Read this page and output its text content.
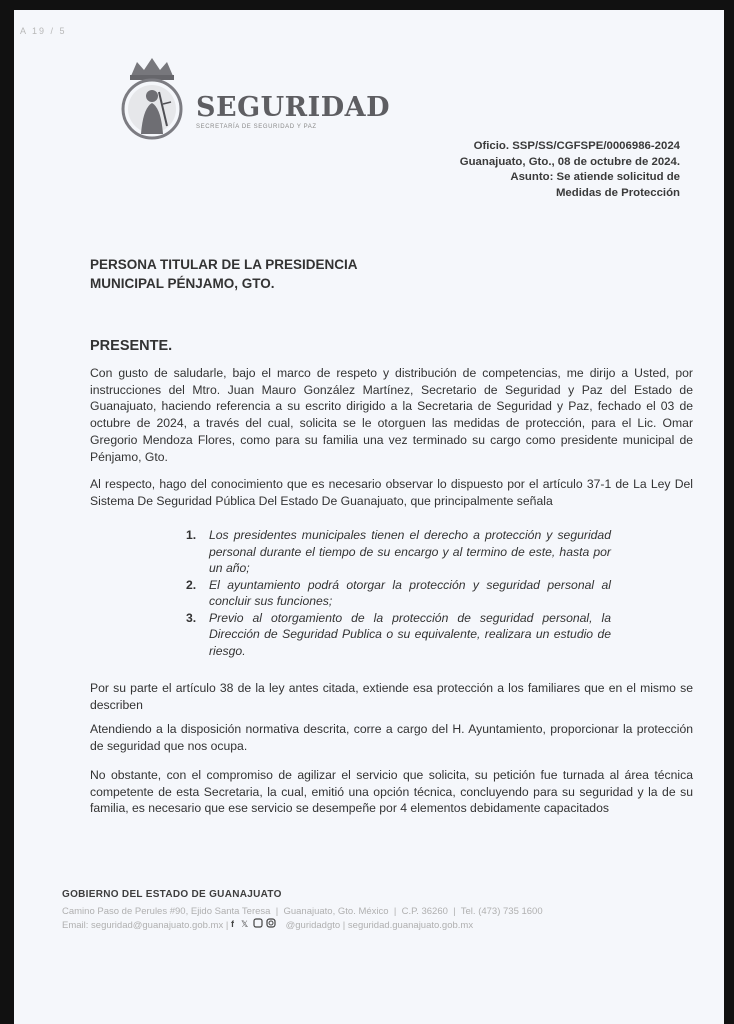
A 19 / 5
SEGURIDAD
SECRETARÍA DE SEGURIDAD Y PAZ
Oficio. SSP/SS/CGFSPE/0006986-2024
Guanajuato, Gto., 08 de octubre de 2024.
Asunto: Se atiende solicitud de
Medidas de Protección
PERSONA TITULAR DE LA PRESIDENCIA
MUNICIPAL PÉNJAMO, GTO.
PRESENTE.

Con gusto de saludarle, bajo el marco de respeto y distribución de competencias, me dirijo a Usted, por instrucciones del Mtro. Juan Mauro González Martínez, Secretario de Seguridad y Paz del Estado de Guanajuato, haciendo referencia a su escrito dirigido a la Secretaria de Seguridad y Paz, fechado el 03 de octubre de 2024, a través del cual, solicita se le otorguen las medidas de protección, para el Lic. Omar Gregorio Mendoza Flores, como para su familia una vez terminado su cargo como presidente municipal de Pénjamo, Gto.

Al respecto, hago del conocimiento que es necesario observar lo dispuesto por el artículo 37-1 de La Ley Del Sistema De Seguridad Pública Del Estado De Guanajuato, que principalmente señala

1. Los presidentes municipales tienen el derecho a protección y seguridad personal durante el tiempo de su encargo y al termino de este, hasta por un año;
2. El ayuntamiento podrá otorgar la protección y seguridad personal al concluir sus funciones;
3. Previo al otorgamiento de la protección de seguridad personal, la Dirección de Seguridad Publica o su equivalente, realizara un estudio de riesgo.

Por su parte el artículo 38 de la ley antes citada, extiende esa protección a los familiares que en el mismo se describen

Atendiendo a la disposición normativa descrita, corre a cargo del H. Ayuntamiento, proporcionar la protección de seguridad que nos ocupa.

No obstante, con el compromiso de agilizar el servicio que solicita, su petición fue turnada al área técnica competente de esta Secretaria, la cual, emitió una opción técnica, concluyendo para su seguridad y la de su familia, es necesario que ese servicio se desempeñe por 4 elementos debidamente capacitados

GOBIERNO DEL ESTADO DE GUANAJUATO
Camino Paso de Perules #90, Ejido Santa Teresa  |  Guanajuato, Gto. México  |  C.P. 36260  |  Tel. (473) 735 1600
Email: seguridad@guanajuato.gob.mx | f 𝕏	@guridadgto | seguridad.guanajuato.gob.mx
